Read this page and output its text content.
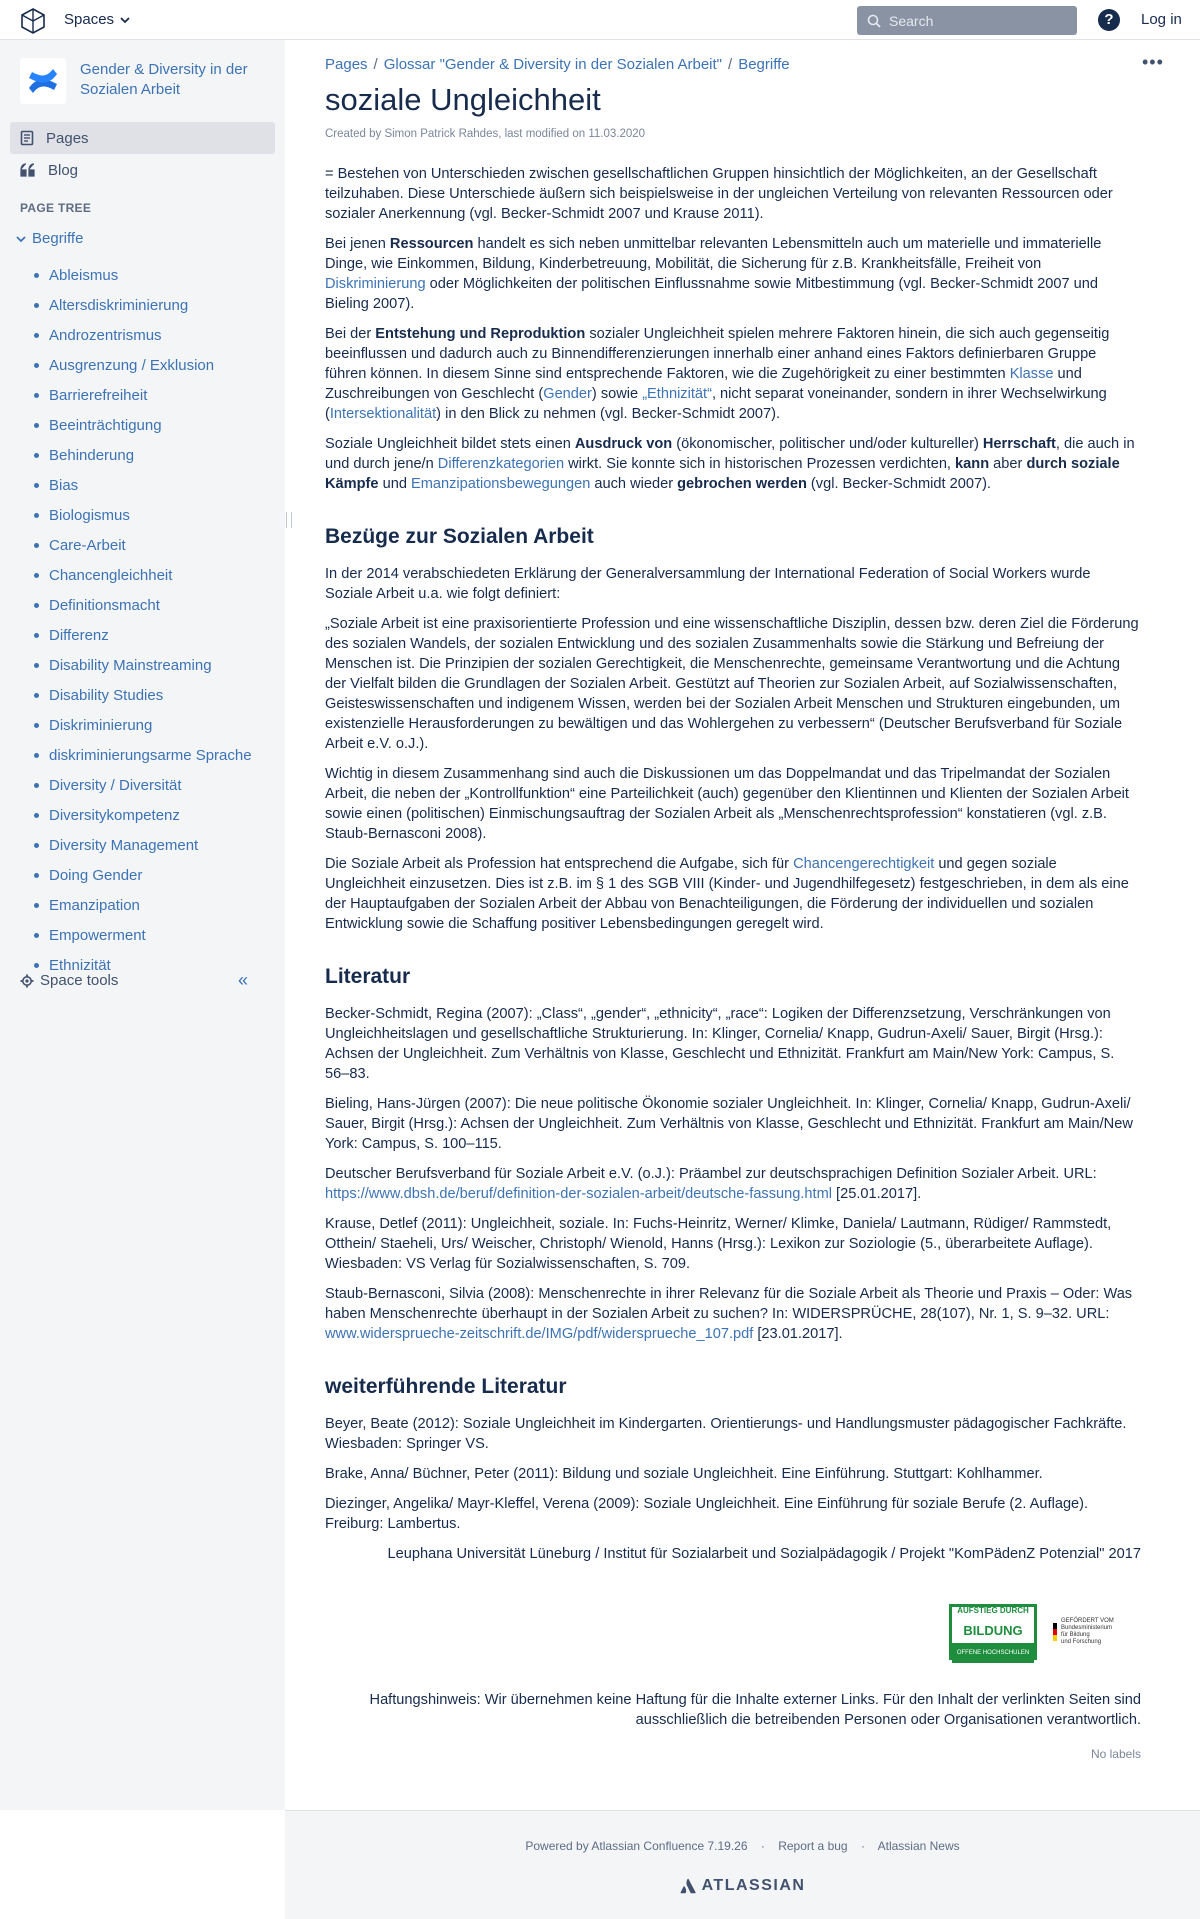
Spaces
Search	?	Log in
Gender & Diversity in der Sozialen Arbeit
Pages
Blog
PAGE TREE
Begriffe
Ableismus
Altersdiskriminierung
Androzentrismus
Ausgrenzung / Exklusion
Barrierefreiheit
Beeinträchtigung
Behinderung
Bias
Biologismus
Care-Arbeit
Chancengleichheit
Definitionsmacht
Differenz
Disability Mainstreaming
Disability Studies
Diskriminierung
diskriminierungsarme Sprache
Diversity / Diversität
Diversitykompetenz
Diversity Management
Doing Gender
Emanzipation
Empowerment
Ethnizität
Space tools	«
Pages / Glossar "Gender & Diversity in der Sozialen Arbeit" / Begriffe	•••
soziale Ungleichheit
Created by Simon Patrick Rahdes, last modified on 11.03.2020

= Bestehen von Unterschieden zwischen gesellschaftlichen Gruppen hinsichtlich der Möglichkeiten, an der Gesellschaft teilzuhaben. Diese Unterschiede äußern sich beispielsweise in der ungleichen Verteilung von relevanten Ressourcen oder sozialer Anerkennung (vgl. Becker-Schmidt 2007 und Krause 2011).

Bei jenen Ressourcen handelt es sich neben unmittelbar relevanten Lebensmitteln auch um materielle und immaterielle Dinge, wie Einkommen, Bildung, Kinderbetreuung, Mobilität, die Sicherung für z.B. Krankheitsfälle, Freiheit von Diskriminierung oder Möglichkeiten der politischen Einflussnahme sowie Mitbestimmung (vgl. Becker-Schmidt 2007 und Bieling 2007).

Bei der Entstehung und Reproduktion sozialer Ungleichheit spielen mehrere Faktoren hinein, die sich auch gegenseitig beeinflussen und dadurch auch zu Binnendifferenzierungen innerhalb einer anhand eines Faktors definierbaren Gruppe führen können. In diesem Sinne sind entsprechende Faktoren, wie die Zugehörigkeit zu einer bestimmten Klasse und Zuschreibungen von Geschlecht (Gender) sowie „Ethnizität“, nicht separat voneinander, sondern in ihrer Wechselwirkung (Intersektionalität) in den Blick zu nehmen (vgl. Becker-Schmidt 2007).

Soziale Ungleichheit bildet stets einen Ausdruck von (ökonomischer, politischer und/oder kultureller) Herrschaft, die auch in und durch jene/n Differenzkategorien wirkt. Sie konnte sich in historischen Prozessen verdichten, kann aber durch soziale Kämpfe und Emanzipationsbewegungen auch wieder gebrochen werden (vgl. Becker-Schmidt 2007).

Bezüge zur Sozialen Arbeit

In der 2014 verabschiedeten Erklärung der Generalversammlung der International Federation of Social Workers wurde Soziale Arbeit u.a. wie folgt definiert:

„Soziale Arbeit ist eine praxisorientierte Profession und eine wissenschaftliche Disziplin, dessen bzw. deren Ziel die Förderung des sozialen Wandels, der sozialen Entwicklung und des sozialen Zusammenhalts sowie die Stärkung und Befreiung der Menschen ist. Die Prinzipien der sozialen Gerechtigkeit, die Menschenrechte, gemeinsame Verantwortung und die Achtung der Vielfalt bilden die Grundlagen der Sozialen Arbeit. Gestützt auf Theorien zur Sozialen Arbeit, auf Sozialwissenschaften, Geisteswissenschaften und indigenem Wissen, werden bei der Sozialen Arbeit Menschen und Strukturen eingebunden, um existenzielle Herausforderungen zu bewältigen und das Wohlergehen zu verbessern“ (Deutscher Berufsverband für Soziale Arbeit e.V. o.J.).

Wichtig in diesem Zusammenhang sind auch die Diskussionen um das Doppelmandat und das Tripelmandat der Sozialen Arbeit, die neben der „Kontrollfunktion“ eine Parteilichkeit (auch) gegenüber den Klientinnen und Klienten der Sozialen Arbeit sowie einen (politischen) Einmischungsauftrag der Sozialen Arbeit als „Menschenrechtsprofession“ konstatieren (vgl. z.B. Staub-Bernasconi 2008).

Die Soziale Arbeit als Profession hat entsprechend die Aufgabe, sich für Chancengerechtigkeit und gegen soziale Ungleichheit einzusetzen. Dies ist z.B. im § 1 des SGB VIII (Kinder- und Jugendhilfegesetz) festgeschrieben, in dem als eine der Hauptaufgaben der Sozialen Arbeit der Abbau von Benachteiligungen, die Förderung der individuellen und sozialen Entwicklung sowie die Schaffung positiver Lebensbedingungen geregelt wird.

Literatur

Becker-Schmidt, Regina (2007): „Class“, „gender“, „ethnicity“, „race“: Logiken der Differenzsetzung, Verschränkungen von Ungleichheitslagen und gesellschaftliche Strukturierung. In: Klinger, Cornelia/ Knapp, Gudrun-Axeli/ Sauer, Birgit (Hrsg.): Achsen der Ungleichheit. Zum Verhältnis von Klasse, Geschlecht und Ethnizität. Frankfurt am Main/New York: Campus, S. 56–83.

Bieling, Hans-Jürgen (2007): Die neue politische Ökonomie sozialer Ungleichheit. In: Klinger, Cornelia/ Knapp, Gudrun-Axeli/ Sauer, Birgit (Hrsg.): Achsen der Ungleichheit. Zum Verhältnis von Klasse, Geschlecht und Ethnizität. Frankfurt am Main/New York: Campus, S. 100–115.

Deutscher Berufsverband für Soziale Arbeit e.V. (o.J.): Präambel zur deutschsprachigen Definition Sozialer Arbeit. URL: https://www.dbsh.de/beruf/definition-der-sozialen-arbeit/deutsche-fassung.html [25.01.2017].

Krause, Detlef (2011): Ungleichheit, soziale. In: Fuchs-Heinritz, Werner/ Klimke, Daniela/ Lautmann, Rüdiger/ Rammstedt, Otthein/ Staeheli, Urs/ Weischer, Christoph/ Wienold, Hanns (Hrsg.): Lexikon zur Soziologie (5., überarbeitete Auflage). Wiesbaden: VS Verlag für Sozialwissenschaften, S. 709.

Staub-Bernasconi, Silvia (2008): Menschenrechte in ihrer Relevanz für die Soziale Arbeit als Theorie und Praxis – Oder: Was haben Menschenrechte überhaupt in der Sozialen Arbeit zu suchen? In: WIDERSPRÜCHE, 28(107), Nr. 1, S. 9–32. URL: www.widersprueche-zeitschrift.de/IMG/pdf/widersprueche_107.pdf [23.01.2017].

weiterführende Literatur

Beyer, Beate (2012): Soziale Ungleichheit im Kindergarten. Orientierungs- und Handlungsmuster pädagogischer Fachkräfte. Wiesbaden: Springer VS.

Brake, Anna/ Büchner, Peter (2011): Bildung und soziale Ungleichheit. Eine Einführung. Stuttgart: Kohlhammer.

Diezinger, Angelika/ Mayr-Kleffel, Verena (2009): Soziale Ungleichheit. Eine Einführung für soziale Berufe (2. Auflage). Freiburg: Lambertus.

Leuphana Universität Lüneburg / Institut für Sozialarbeit und Sozialpädagogik / Projekt "KomPädenZ Potenzial" 2017

AUFSTIEG DURCH
BILDUNG
OFFENE HOCHSCHULEN
GEFÖRDERT VOM
Bundesministerium
für Bildung
und Forschung

Haftungshinweis: Wir übernehmen keine Haftung für die Inhalte externer Links. Für den Inhalt der verlinkten Seiten sind ausschließlich die betreibenden Personen oder Organisationen verantwortlich.

No labels
Powered by Atlassian Confluence 7.19.26 · Report a bug · Atlassian News
ATLASSIAN
